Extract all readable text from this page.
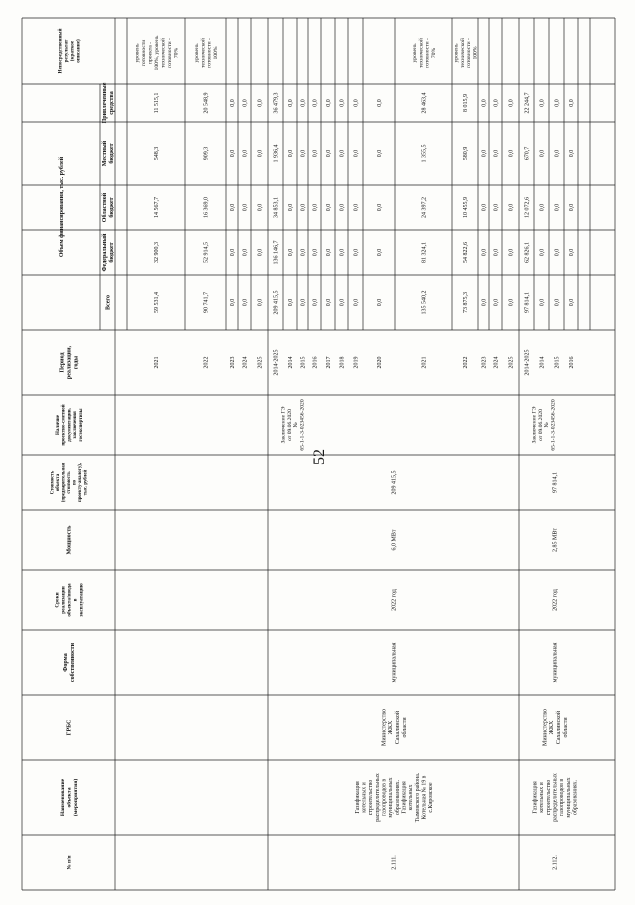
52
№ п/п
Наименованиеобъекта(мероприятия)
ГРБС
Формасобственности
Срокиреализацииобъекта/вводавэксплуатацию
Мощность
Стоимостьобъекта(предварительнаястоимостьпопроекту-аналогу),тыс. рублей
Наличиепроектно-сметнойдокументации,заключениягосэкспертизы
Периодреализации,годы
Объем финансирования, тыс. рублей
Всего
Федеральныйбюджет
Областнойбюджет
Местныйбюджет
Привлеченныесредства
Непосредственныйрезультат(краткоеописание)
2021
59 531,4
32 900,3
14 567,7
548,3
11 515,1
уровеньготовностипроекта -100%, уровеньтехническойготовности -70%
2022
90 741,7
52 914,5
16 369,0
909,3
20 548,9
уровеньтехническойготовности -100%
2023
0,0
0,0
0,0
0,0
0,0
2024
0,0
0,0
0,0
0,0
0,0
2025
0,0
0,0
0,0
0,0
0,0
2014-2025
209 415,5
136 146,7
34 853,1
1 936,4
36 479,3
2014
0,0
0,0
0,0
0,0
0,0
2015
0,0
0,0
0,0
0,0
0,0
2016
0,0
0,0
0,0
0,0
0,0
2017
0,0
0,0
0,0
0,0
0,0
2018
0,0
0,0
0,0
0,0
0,0
2019
0,0
0,0
0,0
0,0
0,0
2020
0,0
0,0
0,0
0,0
0,0
2021
135 540,2
81 324,1
24 397,2
1 355,5
28 463,4
уровеньтехническойготовности -70%
2022
73 875,3
54 822,6
10 455,9
580,9
8 015,9
уровеньтехническойготовности -100%
2023
0,0
0,0
0,0
0,0
0,0
2024
0,0
0,0
0,0
0,0
0,0
2025
0,0
0,0
0,0
0,0
0,0
2014-2025
97 814,1
62 826,1
12 072,6
670,7
22 244,7
2014
0,0
0,0
0,0
0,0
0,0
2015
0,0
0,0
0,0
0,0
0,0
2016
0,0
0,0
0,0
0,0
0,0
2.111.
Газификациякотельных истроительствораспределительныхгазопроводов вмуниципальныхобразованиях.ГазификациякотельныхТымовского района.Котельная № 19 вс.Кировское
МинистерствоЖКХСахалинскойобласти
муниципальная
2022 год
6,0 МВт
209 415,5
2.112.
Газификациякотельных истроительствораспределительныхгазопроводов вмуниципальныхобразованиях.
МинистерствоЖКХСахалинскойобласти
муниципальная
2022 год
2,85 МВт
97 814,1
Заключение ГЭот 09.06.2020№65-1-1-3-023456-2020	Заключение ГЭот 09.06.2020№65-1-1-3-023456-2020
